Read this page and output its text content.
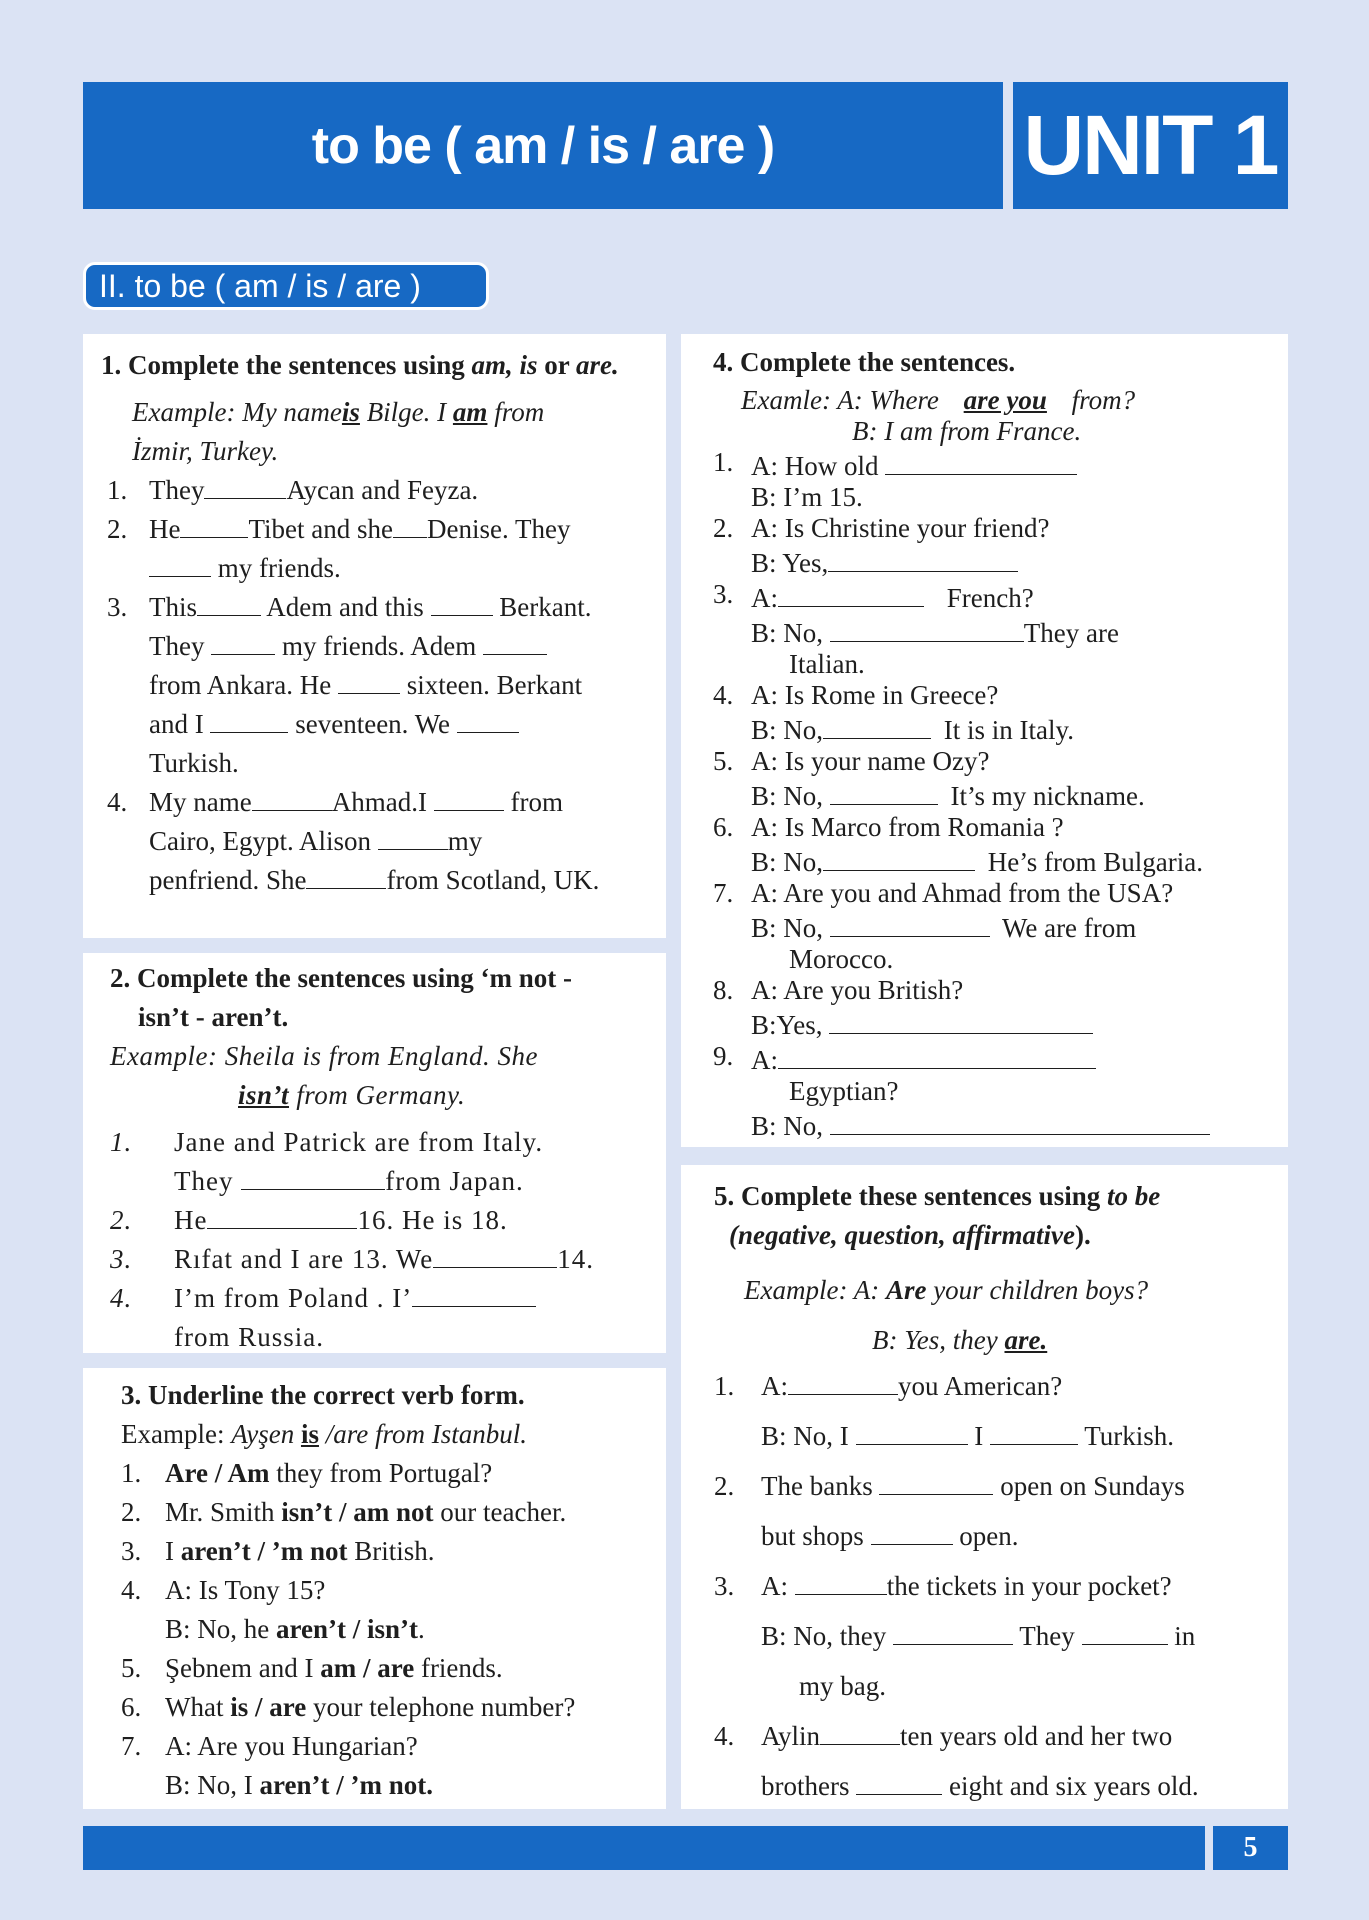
to be ( am / is / are )	UNIT 1
II. to be ( am / is / are )
1. Complete the sentences using am, is or are.
Example: My nameis Bilge. I am from
İzmir, Turkey.
1. They	Aycan and Feyza.
2. He	Tibet and she Denise. They
my friends.
3. This Adem and this  Berkant.
They  my friends. Adem
from Ankara. He  sixteen. Berkant
and I	seventeen. We
Turkish.
4. My name	Ahmad.I	from
Cairo, Egypt. Alison	my
penfriend. She	from Scotland, UK.
2. Complete the sentences using ‘m not -
isn’t - aren’t.
Example: Sheila is from England. She
isn’t from Germany.
1.	Jane and Patrick are from Italy.
They	from Japan.
2.	He	16. He is 18.
3.	Rıfat and I are 13. We	14.
4.	I’m from Poland . I’
from Russia.
3. Underline the correct verb form.
Example: Ayşen is /are from Istanbul.
1. Are / Am they from Portugal?
2. Mr. Smith isn’t / am not our teacher.
3. I aren’t / ’m not British.
4. A: Is Tony 15?
B: No, he aren’t / isn’t.
5. Şebnem and I am / are friends.
6. What is / are your telephone number?
7. A: Are you Hungarian?
B: No, I aren’t / ’m not.
4. Complete the sentences.
Examle: A: Where are you from?
B: I am from France.
1. A: How old
B: I’m 15.
2. A: Is Christine your friend?
B: Yes,
3. A:	French?
B: No,	They are
Italian.
4. A: Is Rome in Greece?
B: No,	It is in Italy.
5. A: Is your name Ozy?
B: No,	It’s my nickname.
6. A: Is Marco from Romania ?
B: No,	He’s from Bulgaria.
7. A: Are you and Ahmad from the USA?
B: No,	We are from
Morocco.
8. A: Are you British?
B:Yes,
9. A:
Egyptian?
B: No,
5. Complete these sentences using to be
(negative, question, affirmative).
Example: A: Are your children boys?
B: Yes, they are.
1. A:	you American?
B: No, I	I	Turkish.
2. The banks	open on Sundays
but shops	open.
3. A:	the tickets in your pocket?
B: No, they	They	in
my bag.
4. Aylin	ten years old and her two
brothers	eight and six years old.
5
